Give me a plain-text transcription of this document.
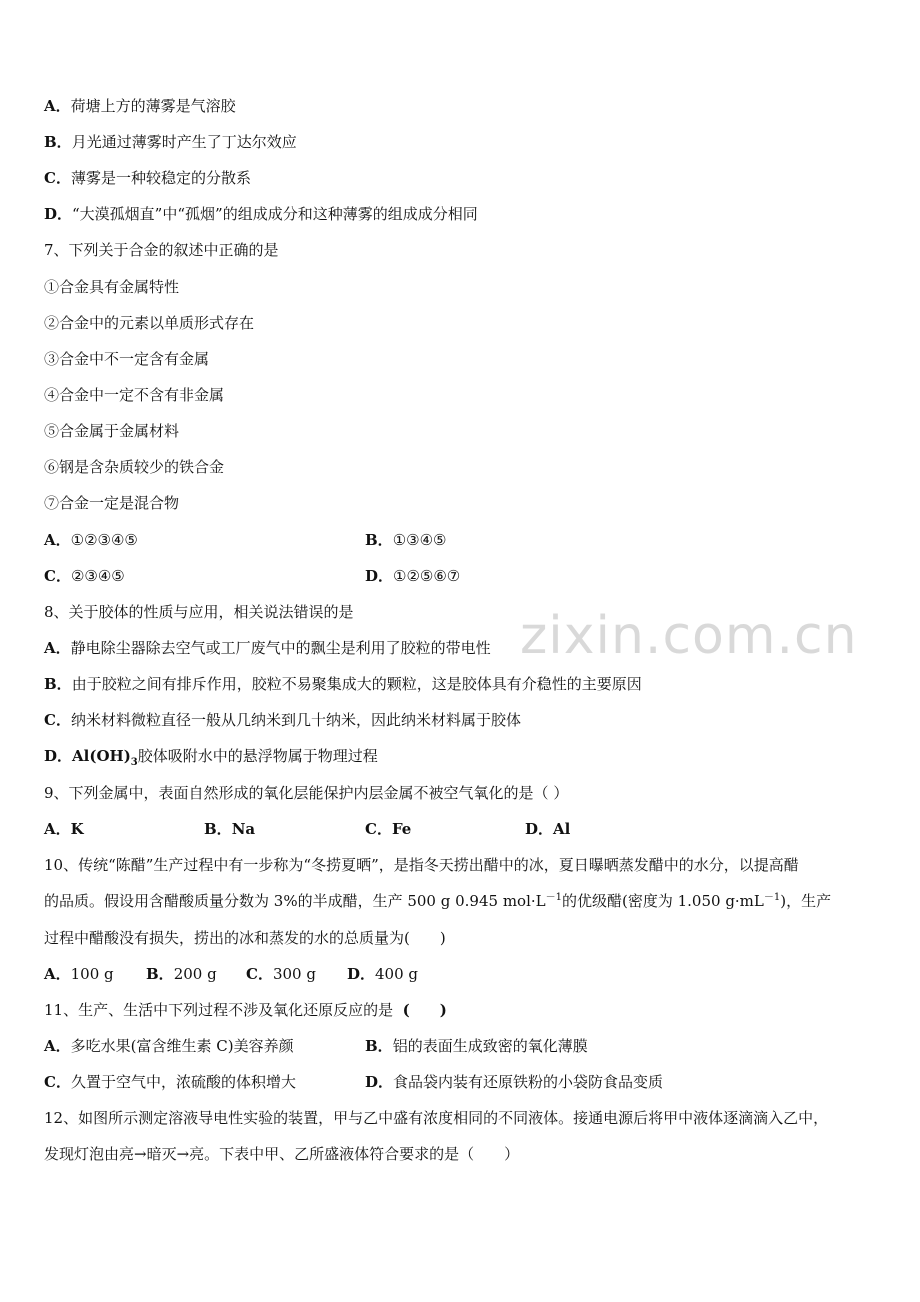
zixin.com.cn
A．荷塘上方的薄雾是气溶胶
B．月光通过薄雾时产生了丁达尔效应
C．薄雾是一种较稳定的分散系
D．“大漠孤烟直”中“孤烟”的组成成分和这种薄雾的组成成分相同
7、下列关于合金的叙述中正确的是
①合金具有金属特性
②合金中的元素以单质形式存在
③合金中不一定含有金属
④合金中一定不含有非金属
⑤合金属于金属材料
⑥钢是含杂质较少的铁合金
⑦合金一定是混合物
A．①②③④⑤	B．①③④⑤
C．②③④⑤	D．①②⑤⑥⑦
8、关于胶体的性质与应用，相关说法错误的是
A．静电除尘器除去空气或工厂废气中的飘尘是利用了胶粒的带电性
B．由于胶粒之间有排斥作用，胶粒不易聚集成大的颗粒，这是胶体具有介稳性的主要原因
C．纳米材料微粒直径一般从几纳米到几十纳米，因此纳米材料属于胶体
D．$Al(OH)_3$胶体吸附水中的悬浮物属于物理过程
9、下列金属中，表面自然形成的氧化层能保护内层金属不被空气氧化的是（ ）
A．K	B．Na	C．Fe	D．Al
10、传统“陈醋”生产过程中有一步称为“冬捞夏晒”，是指冬天捞出醋中的冰，夏日曝晒蒸发醋中的水分，以提高醋
的品质。假设用含醋酸质量分数为 3%的半成醋，生产 500 g 0.945 $mol\cdot L^{-1}$的优级醋(密度为 1.050 $g\cdot mL^{-1}$)，生产
过程中醋酸没有损失，捞出的冰和蒸发的水的总质量为(　　)
A．100 g B．200 g C．300 g D．400 g
11、生产、生活中下列过程不涉及氧化还原反应的是 (　　)
A．多吃水果(富含维生素 C)美容养颜	B．铝的表面生成致密的氧化薄膜
C．久置于空气中，浓硫酸的体积增大	D．食品袋内装有还原铁粉的小袋防食品变质
12、如图所示测定溶液导电性实验的装置，甲与乙中盛有浓度相同的不同液体。接通电源后将甲中液体逐滴滴入乙中，
发现灯泡由亮→暗灭→亮。下表中甲、乙所盛液体符合要求的是（　　）
